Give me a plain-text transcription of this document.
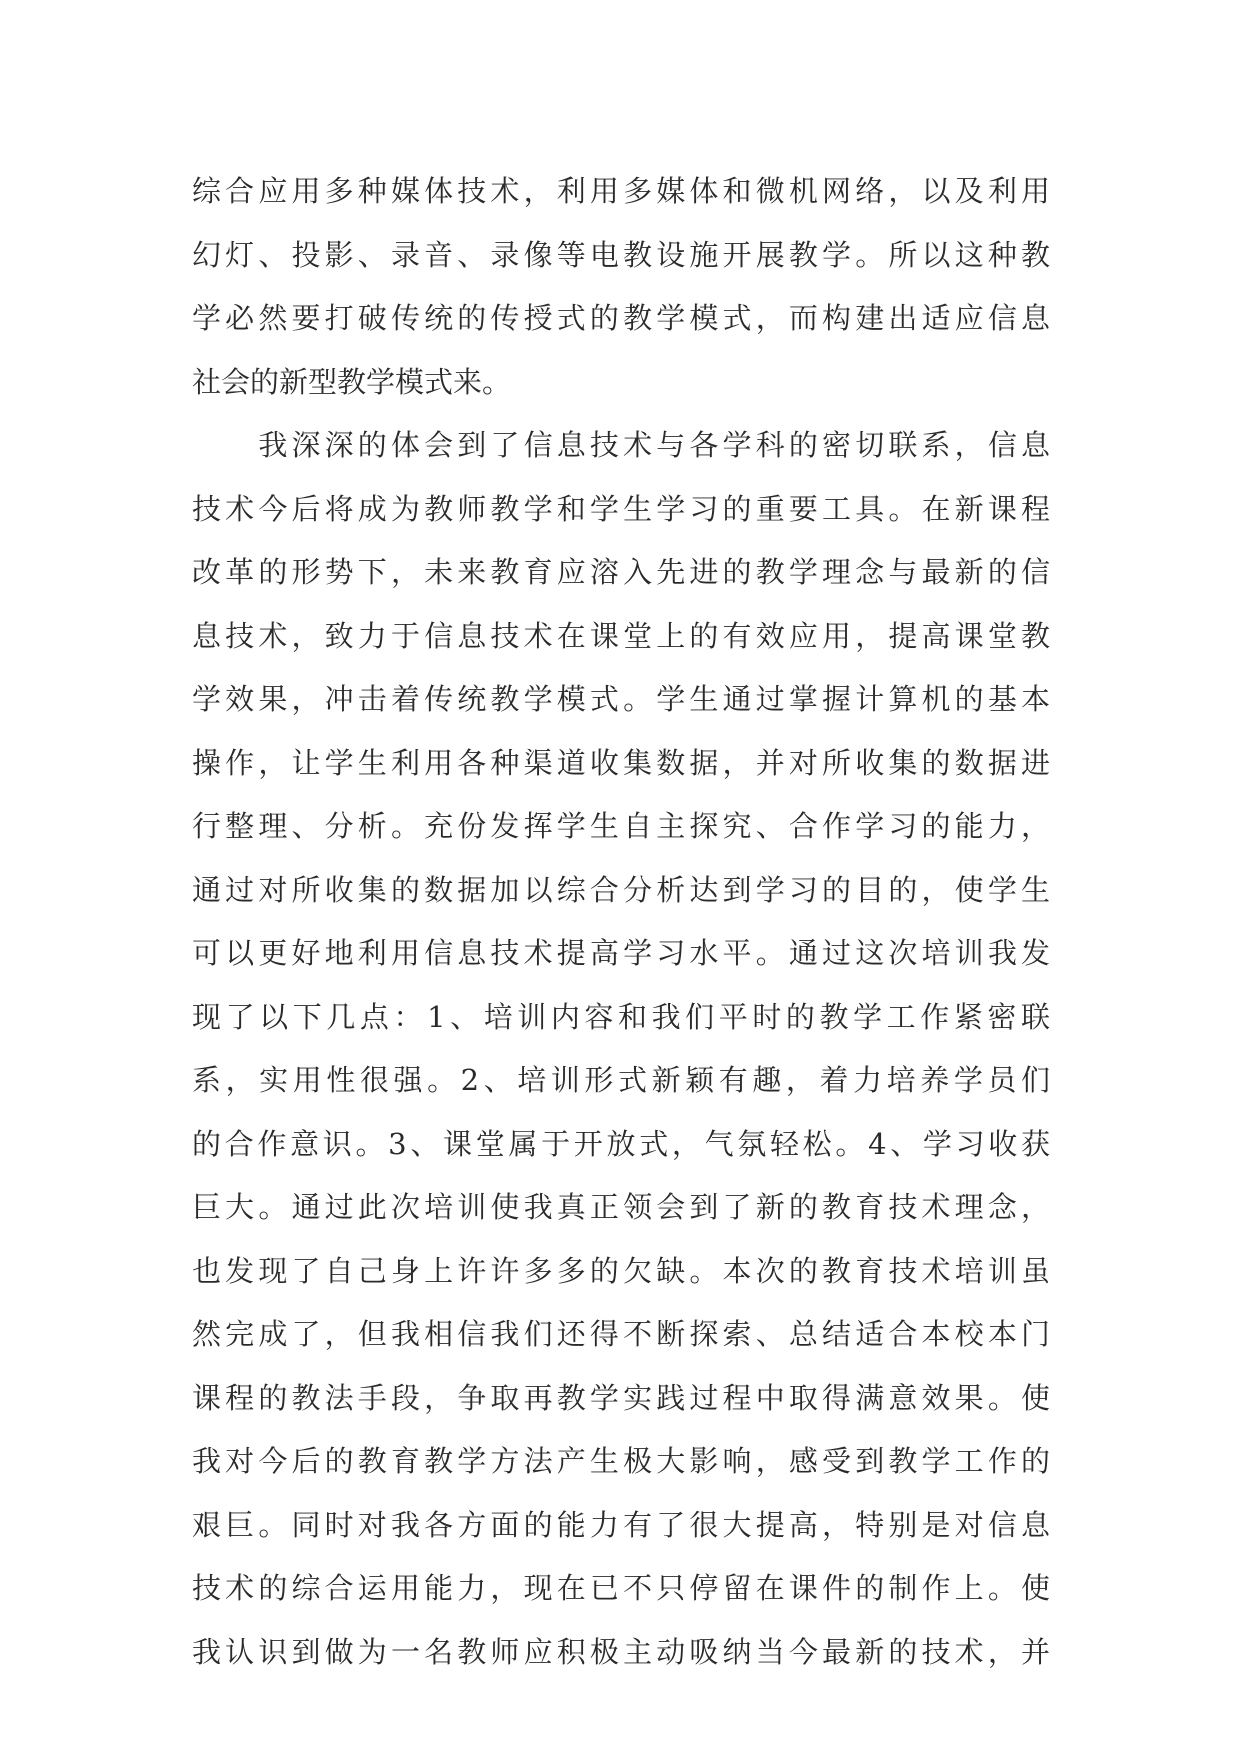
综合应用多种媒体技术，利用多媒体和微机网络，以及利用
幻灯、投影、录音、录像等电教设施开展教学。所以这种教
学必然要打破传统的传授式的教学模式，而构建出适应信息
社会的新型教学模式来。
　　我深深的体会到了信息技术与各学科的密切联系，信息
技术今后将成为教师教学和学生学习的重要工具。在新课程
改革的形势下，未来教育应溶入先进的教学理念与最新的信
息技术，致力于信息技术在课堂上的有效应用，提高课堂教
学效果，冲击着传统教学模式。学生通过掌握计算机的基本
操作，让学生利用各种渠道收集数据，并对所收集的数据进
行整理、分析。充份发挥学生自主探究、合作学习的能力，
通过对所收集的数据加以综合分析达到学习的目的，使学生
可以更好地利用信息技术提高学习水平。通过这次培训我发
现了以下几点：1、培训内容和我们平时的教学工作紧密联
系，实用性很强。2、培训形式新颖有趣，着力培养学员们
的合作意识。3、课堂属于开放式，气氛轻松。4、学习收获
巨大。通过此次培训使我真正领会到了新的教育技术理念，
也发现了自己身上许许多多的欠缺。本次的教育技术培训虽
然完成了，但我相信我们还得不断探索、总结适合本校本门
课程的教法手段，争取再教学实践过程中取得满意效果。使
我对今后的教育教学方法产生极大影响，感受到教学工作的
艰巨。同时对我各方面的能力有了很大提高，特别是对信息
技术的综合运用能力，现在已不只停留在课件的制作上。使
我认识到做为一名教师应积极主动吸纳当今最新的技术，并
